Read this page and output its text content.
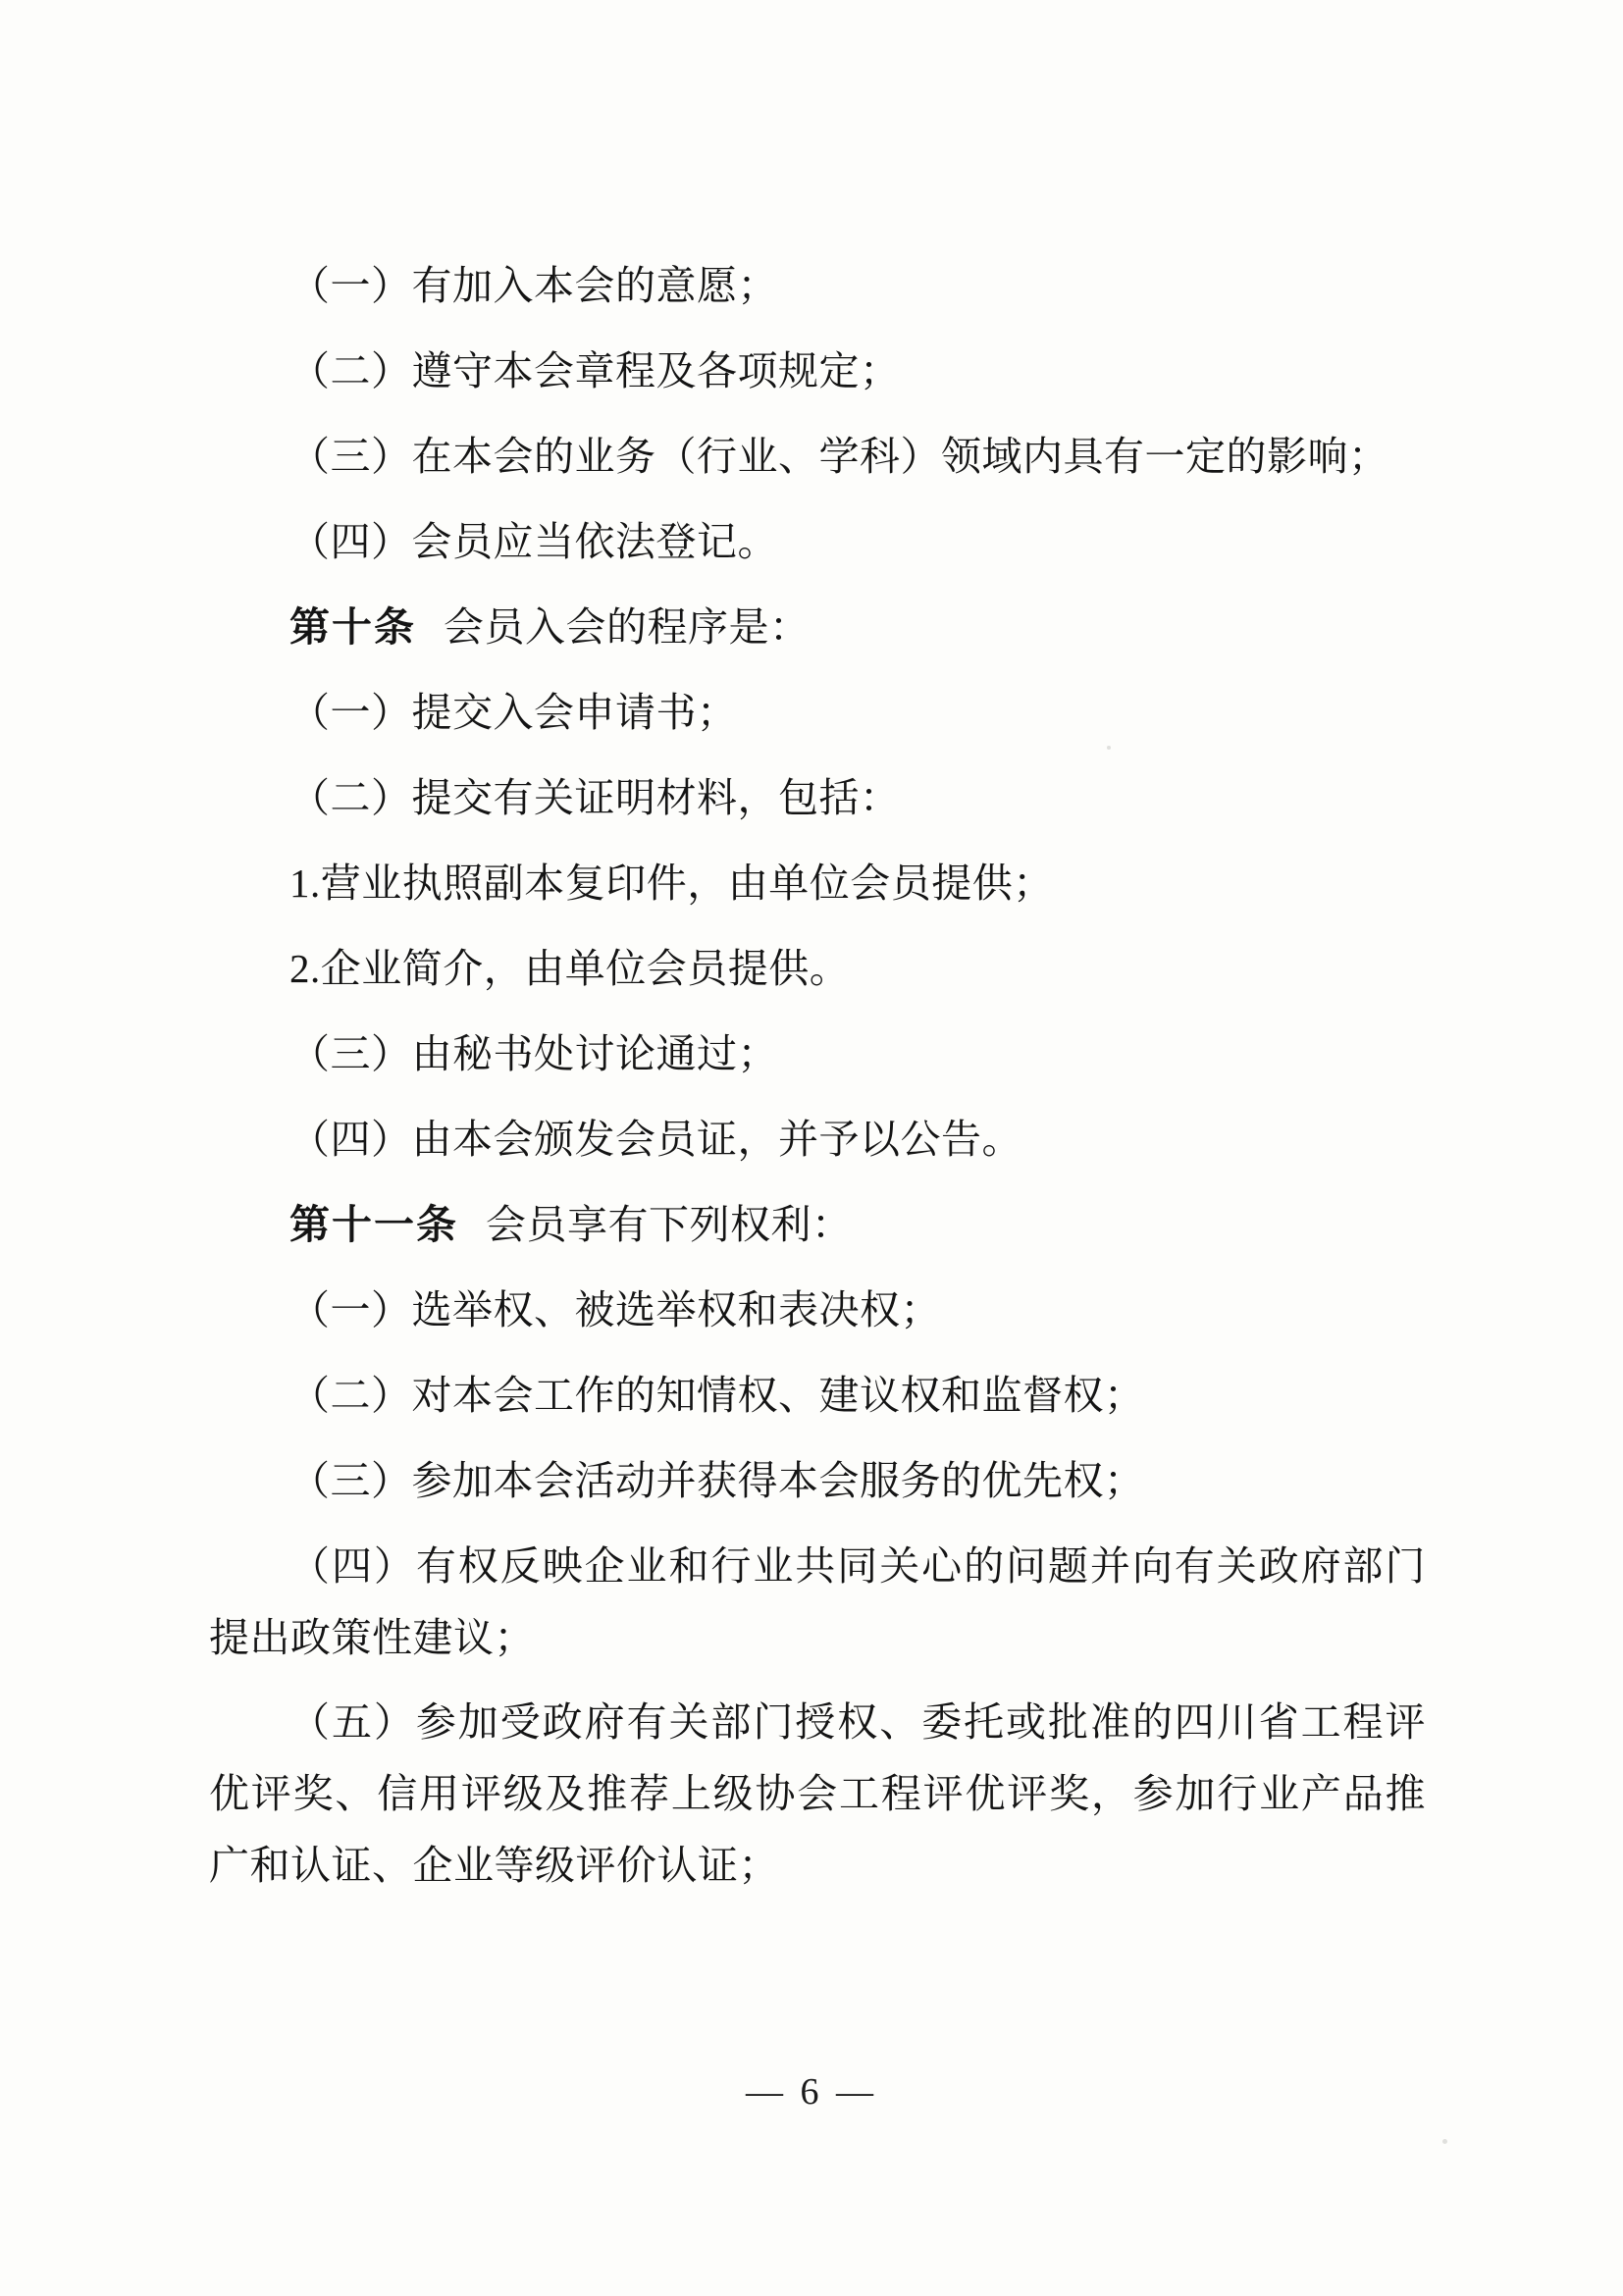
（一）有加入本会的意愿；

（二）遵守本会章程及各项规定；

（三）在本会的业务（行业、学科）领域内具有一定的影响；

（四）会员应当依法登记。

第十条 会员入会的程序是：

（一）提交入会申请书；

（二）提交有关证明材料，包括：

1.营业执照副本复印件，由单位会员提供；

2.企业简介，由单位会员提供。

（三）由秘书处讨论通过；

（四）由本会颁发会员证，并予以公告。

第十一条 会员享有下列权利：

（一）选举权、被选举权和表决权；

（二）对本会工作的知情权、建议权和监督权；

（三）参加本会活动并获得本会服务的优先权；

（四）有权反映企业和行业共同关心的问题并向有关政府部门提出政策性建议；

（五）参加受政府有关部门授权、委托或批准的四川省工程评优评奖、信用评级及推荐上级协会工程评优评奖，参加行业产品推广和认证、企业等级评价认证；

— 6 —
